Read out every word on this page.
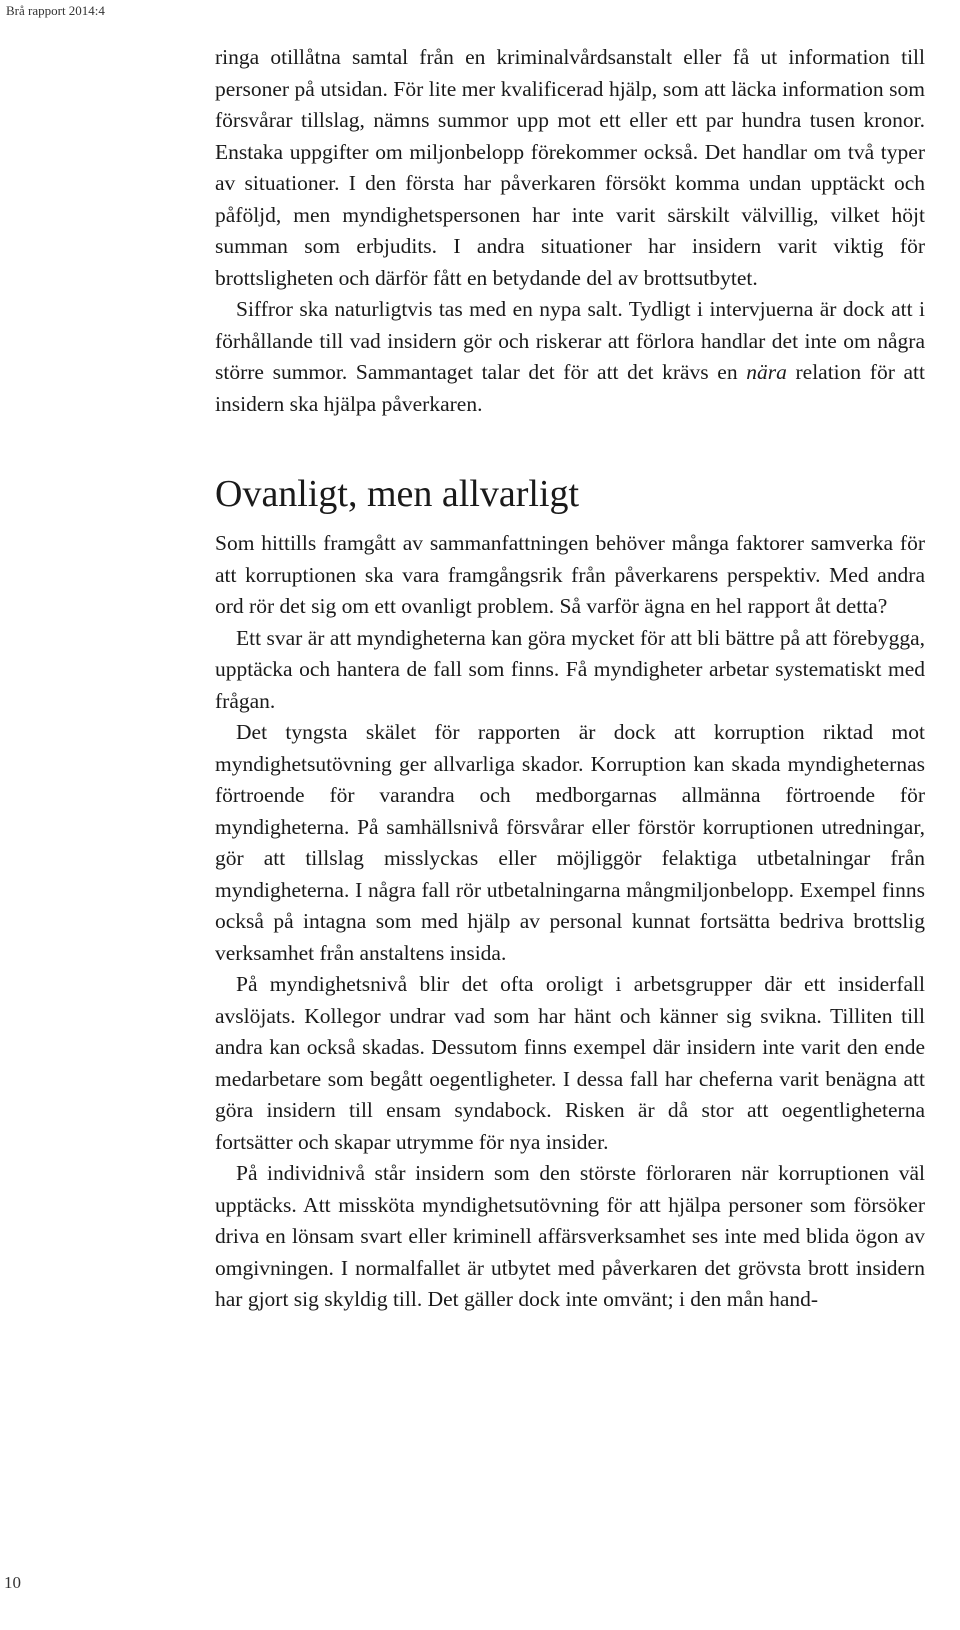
Brå rapport 2014:4

ringa otillåtna samtal från en kriminalvårdsanstalt eller få ut information till personer på utsidan. För lite mer kvalificerad hjälp, som att läcka information som försvårar tillslag, nämns summor upp mot ett eller ett par hundra tusen kronor. Enstaka uppgifter om miljonbelopp förekommer också. Det handlar om två typer av situationer. I den första har påverkaren försökt komma undan upptäckt och påföljd, men myndighetspersonen har inte varit särskilt välvillig, vilket höjt summan som erbjudits. I andra situationer har insidern varit viktig för brottsligheten och därför fått en betydande del av brottsutbytet.

Siffror ska naturligtvis tas med en nypa salt. Tydligt i intervjuerna är dock att i förhållande till vad insidern gör och riskerar att förlora handlar det inte om några större summor. Sammantaget talar det för att det krävs en nära relation för att insidern ska hjälpa påverkaren.

Ovanligt, men allvarligt

Som hittills framgått av sammanfattningen behöver många faktorer samverka för att korruptionen ska vara framgångsrik från påverkarens perspektiv. Med andra ord rör det sig om ett ovanligt problem. Så varför ägna en hel rapport åt detta?

Ett svar är att myndigheterna kan göra mycket för att bli bättre på att förebygga, upptäcka och hantera de fall som finns. Få myndigheter arbetar systematiskt med frågan.

Det tyngsta skälet för rapporten är dock att korruption riktad mot myndighetsutövning ger allvarliga skador. Korruption kan skada myndigheternas förtroende för varandra och medborgarnas allmänna förtroende för myndigheterna. På samhällsnivå försvårar eller förstör korruptionen utredningar, gör att tillslag misslyckas eller möjliggör felaktiga utbetalningar från myndigheterna. I några fall rör utbetalningarna mångmiljonbelopp. Exempel finns också på intagna som med hjälp av personal kunnat fortsätta bedriva brottslig verksamhet från anstaltens insida.

På myndighetsnivå blir det ofta oroligt i arbetsgrupper där ett insiderfall avslöjats. Kollegor undrar vad som har hänt och känner sig svikna. Tilliten till andra kan också skadas. Dessutom finns exempel där insidern inte varit den ende medarbetare som begått oegentligheter. I dessa fall har cheferna varit benägna att göra insidern till ensam syndabock. Risken är då stor att oegentligheterna fortsätter och skapar utrymme för nya insider.

På individnivå står insidern som den störste förloraren när korruptionen väl upptäcks. Att missköta myndighetsutövning för att hjälpa personer som försöker driva en lönsam svart eller kriminell affärsverksamhet ses inte med blida ögon av omgivningen. I normalfallet är utbytet med påverkaren det grövsta brott insidern har gjort sig skyldig till. Det gäller dock inte omvänt; i den mån hand-

10
